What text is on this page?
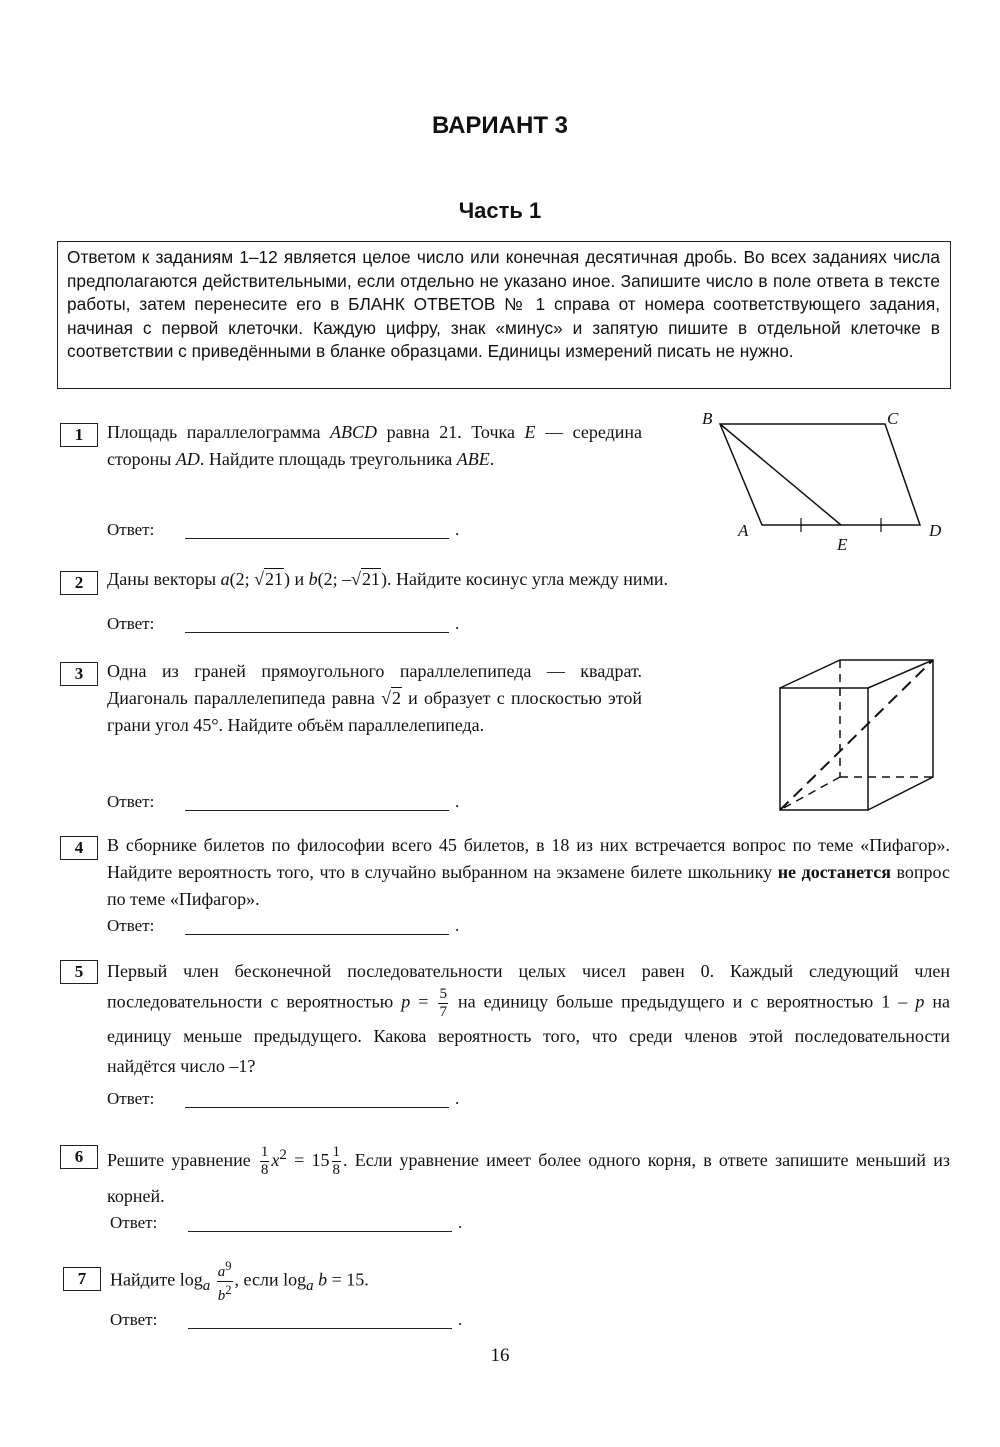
ВАРИАНТ 3
Часть 1
Ответом к заданиям 1–12 является целое число или конечная десятичная дробь. Во всех заданиях числа предполагаются действительными, если отдельно не указано иное. Запишите число в поле ответа в тексте работы, затем перенесите его в БЛАНК ОТВЕТОВ № 1 справа от номера соответствующего задания, начиная с первой клеточки. Каждую цифру, знак «минус» и запятую пишите в отдельной клеточке в соответствии с приведёнными в бланке образцами. Единицы измерений писать не нужно.
1	Площадь параллелограмма ABCD равна 21. Точка E — середина стороны AD. Найдите площадь треугольника ABE.
Ответ:	.
B	C
A	D
E
2	Даны векторы a(2; √21) и b(2; –√21). Найдите косинус угла между ними.
Ответ:	.
3	Одна из граней прямоугольного параллелепипеда — квадрат. Диагональ параллелепипеда равна √2 и образует с плоскостью этой грани угол 45°. Найдите объём параллелепипеда.
Ответ:	.
4	В сборнике билетов по философии всего 45 билетов, в 18 из них встречается вопрос по теме «Пифагор». Найдите вероятность того, что в случайно выбранном на экзамене билете школьнику не достанется вопрос по теме «Пифагор».
Ответ:	.
5	Первый член бесконечной последовательности целых чисел равен 0. Каждый следующий член последовательности с вероятностью $p = \frac{5}{7}$ на единицу больше предыдущего и с вероятностью 1 – p на единицу меньше предыдущего. Какова вероятность того, что среди членов этой последовательности найдётся число –1?
Ответ:	.
6	Решите уравнение $\frac{1}{8} x^2 = 15 \frac{1}{8}$ . Если уравнение имеет более одного корня, в ответе запишите меньший из корней.
Ответ:	.
7	Найдите $\log_a \frac{a^9}{b^2}$ , если $\log_a b = 15$.
Ответ:	.
16
